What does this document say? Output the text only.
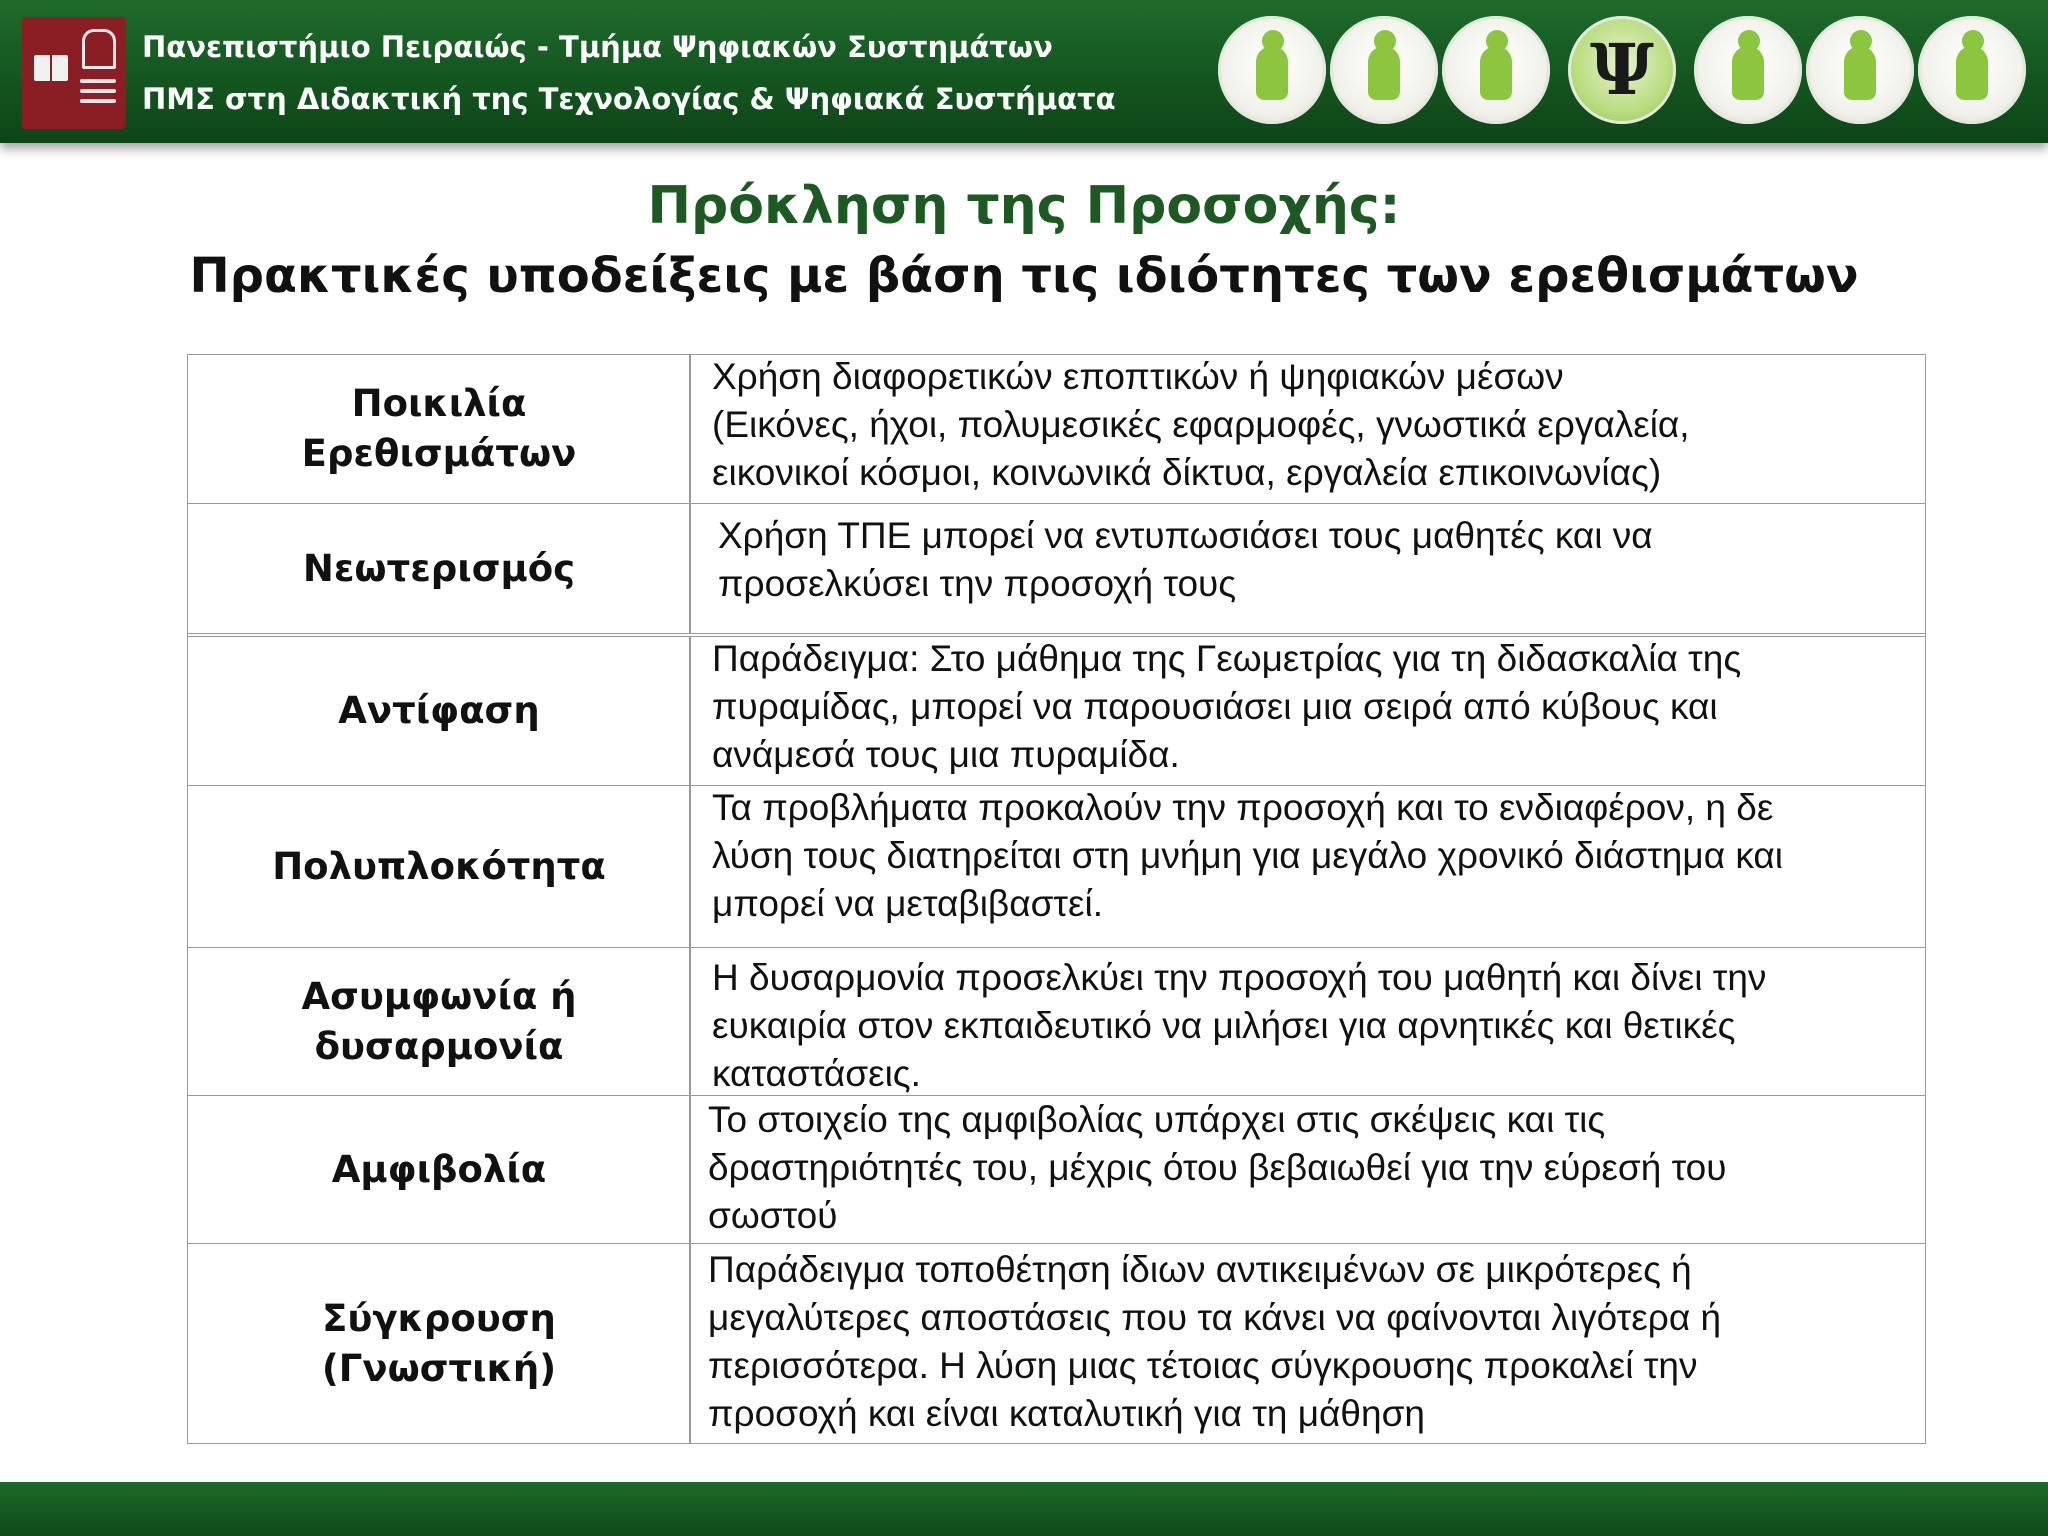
Πανεπιστήμιο Πειραιώς - Τμήμα Ψηφιακών Συστημάτων
ΠΜΣ στη Διδακτική της Τεχνολογίας & Ψηφιακά Συστήματα	Ψ
Πρόκληση της Προσοχής:
Πρακτικές υποδείξεις με βάση τις ιδιότητες των ερεθισμάτων
Ποικιλία
Ερεθισμάτων
Χρήση διαφορετικών εποπτικών ή ψηφιακών μέσων
(Εικόνες, ήχοι, πολυμεσικές εφαρμοφές, γνωστικά εργαλεία,
εικονικοί κόσμοι, κοινωνικά δίκτυα, εργαλεία επικοινωνίας)
Νεωτερισμός
Χρήση ΤΠΕ μπορεί να εντυπωσιάσει τους μαθητές και να
προσελκύσει την προσοχή τους
Αντίφαση
Παράδειγμα: Στο μάθημα της Γεωμετρίας για τη διδασκαλία της
πυραμίδας, μπορεί να παρουσιάσει μια σειρά από κύβους και
ανάμεσά τους μια πυραμίδα.
Πολυπλοκότητα
Τα προβλήματα προκαλούν την προσοχή και το ενδιαφέρον, η δε
λύση τους διατηρείται στη μνήμη για μεγάλο χρονικό διάστημα και
μπορεί να μεταβιβαστεί.
Ασυμφωνία ή
δυσαρμονία
Η δυσαρμονία προσελκύει την προσοχή του μαθητή και δίνει την
ευκαιρία στον εκπαιδευτικό να μιλήσει για αρνητικές και θετικές
καταστάσεις.
Αμφιβολία
Το στοιχείο της αμφιβολίας υπάρχει στις σκέψεις και τις
δραστηριότητές του, μέχρις ότου βεβαιωθεί για την εύρεσή του
σωστού
Σύγκρουση
(Γνωστική)
Παράδειγμα τοποθέτηση ίδιων αντικειμένων σε μικρότερες ή
μεγαλύτερες αποστάσεις που τα κάνει να φαίνονται λιγότερα ή
περισσότερα. Η λύση μιας τέτοιας σύγκρουσης προκαλεί την
προσοχή και είναι καταλυτική για τη μάθηση
